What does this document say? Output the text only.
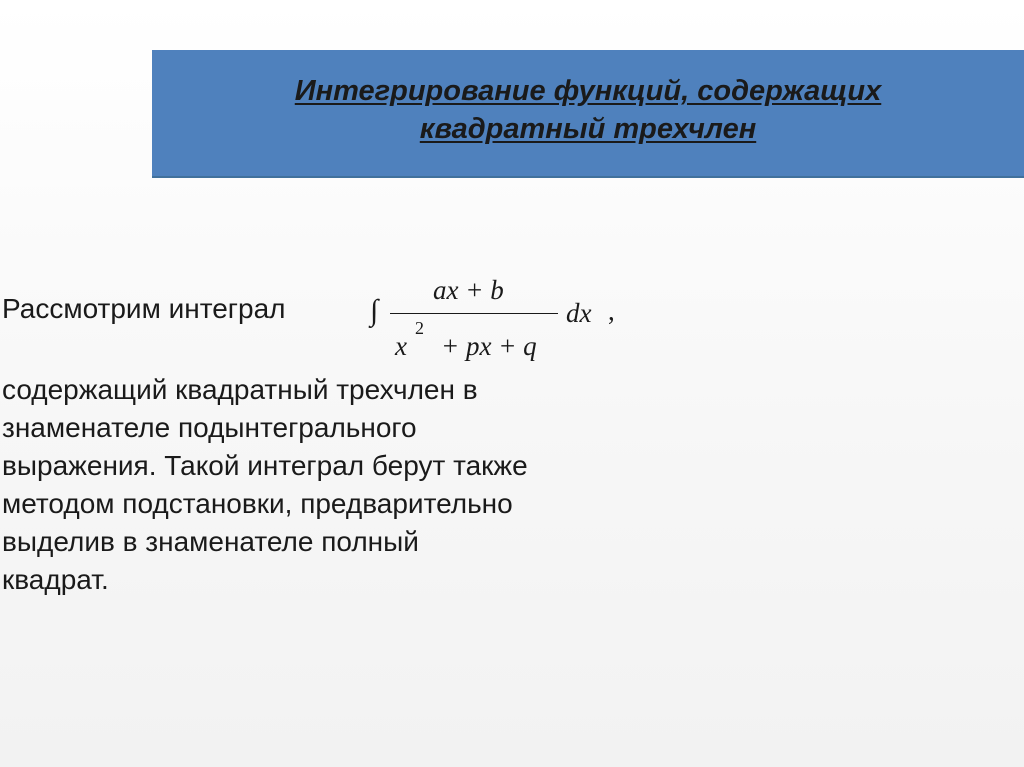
Интегрирование функций, содержащих
квадратный трехчлен
Рассмотрим интеграл	∫
ax + b
x
2
+ px + q
dx ,
содержащий квадратный трехчлен в
знаменателе подынтегрального
выражения. Такой интеграл берут также
методом подстановки, предварительно
выделив в знаменателе полный
квадрат.
